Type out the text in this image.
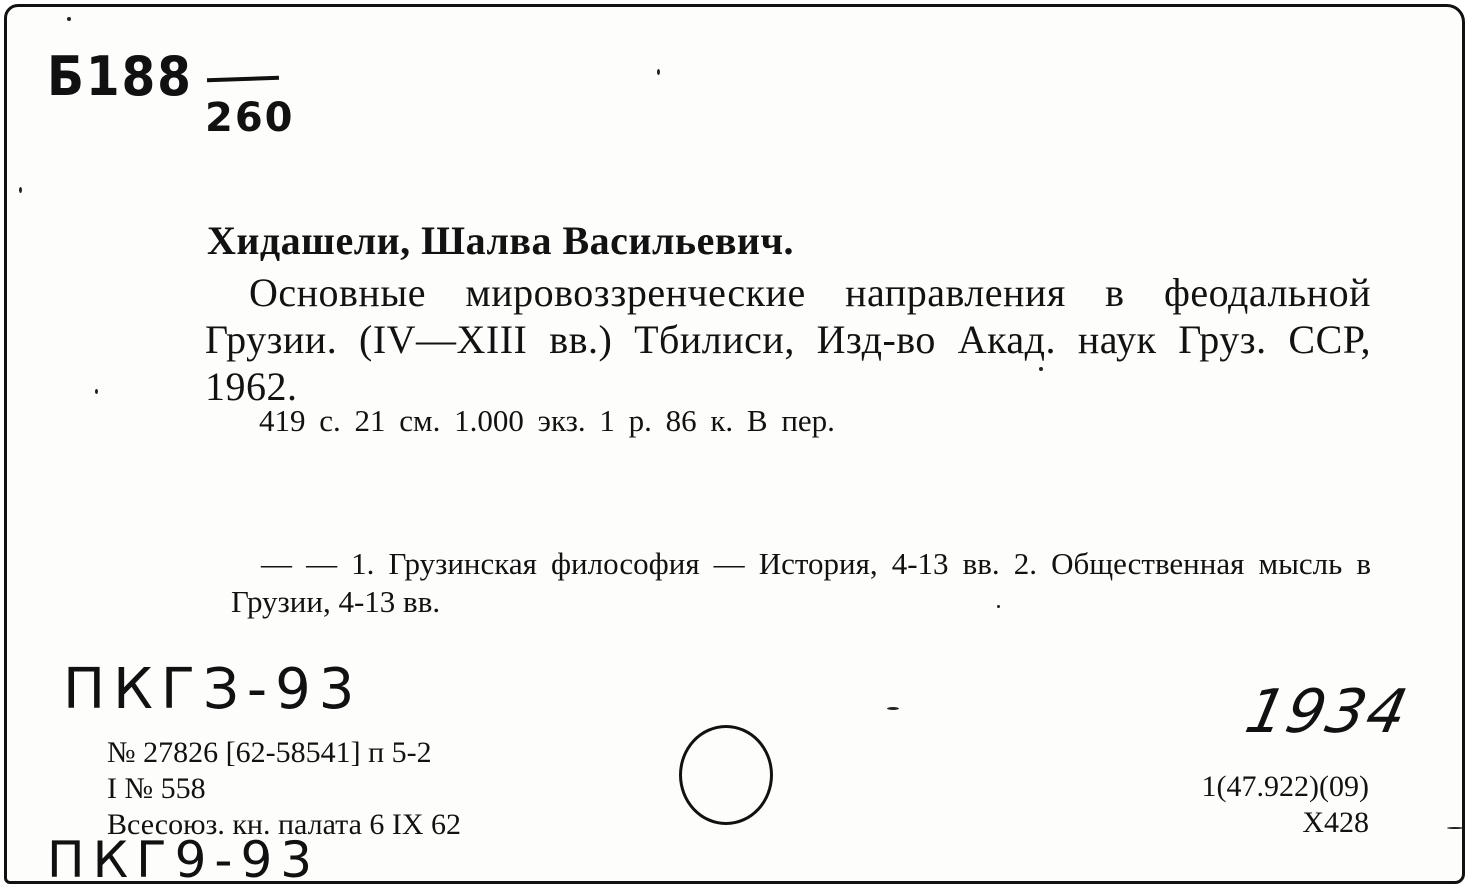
Б188
260
Хидашели, Шалва Васильевич.
Основные мировоззренческие направления в феодальной Грузии. (IV—XIII вв.) Тбилиси, Изд-во Акад. наук Груз. ССР, 1962.
419 с. 21 см. 1.000 экз. 1 р. 86 к. В пер.
— — 1. Грузинская философия — История, 4-13 вв. 2. Общественная мысль в Грузии, 4-13 вв.
ПКГЗ-93
№ 27826 [62-58541] п 5-2
I № 558
Всесоюз. кн. палата 6 IX 62
ПКГ9-93
1934
1(47.922)(09)
Х428
